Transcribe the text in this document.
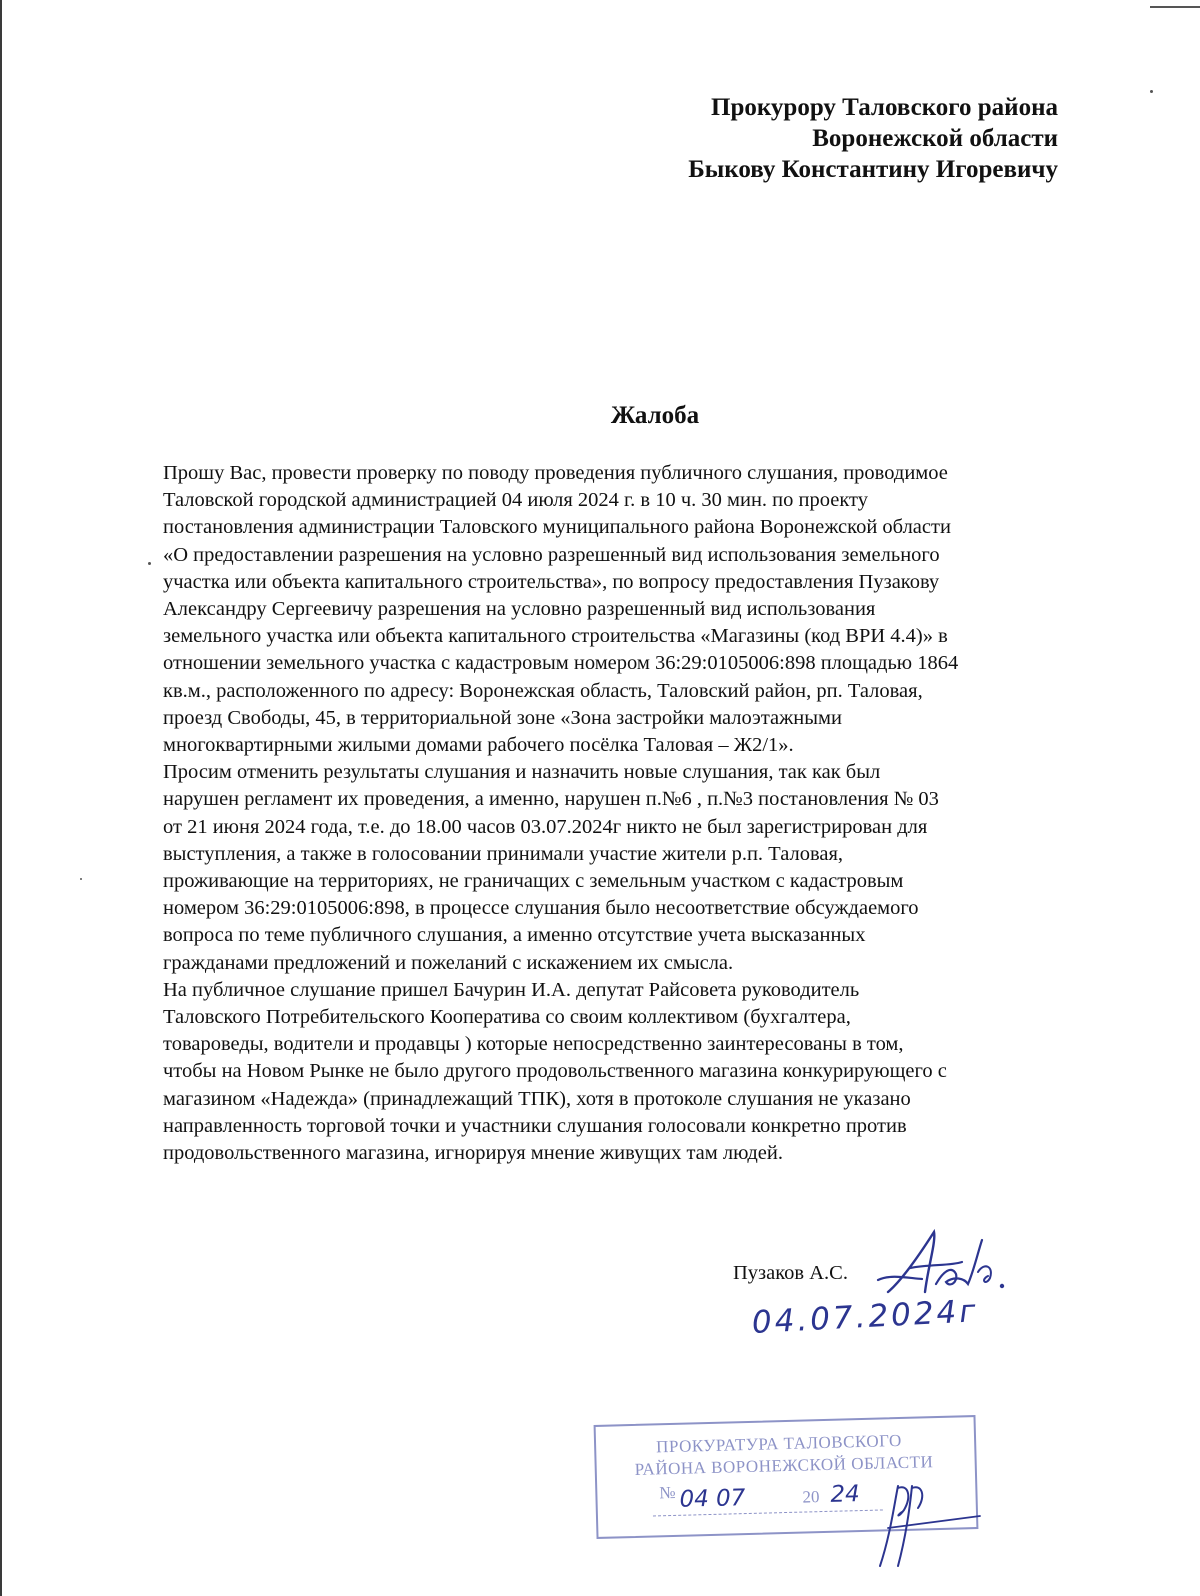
Прокурору Таловского района
Воронежской области
Быкову Константину Игоревичу
Жалоба
Прошу Вас, провести проверку по поводу проведения публичного слушания, проводимое
Таловской городской администрацией 04 июля 2024 г. в 10 ч. 30 мин. по проекту
постановления администрации Таловского муниципального района Воронежской области
«О предоставлении разрешения на условно разрешенный вид использования земельного
участка или объекта капитального строительства», по вопросу предоставления Пузакову
Александру Сергеевичу разрешения на условно разрешенный вид использования
земельного участка или объекта капитального строительства «Магазины (код ВРИ 4.4)» в
отношении земельного участка с кадастровым номером 36:29:0105006:898 площадью 1864
кв.м., расположенного по адресу: Воронежская область, Таловский район, рп. Таловая,
проезд Свободы, 45, в территориальной зоне «Зона застройки малоэтажными
многоквартирными жилыми домами рабочего посёлка Таловая – Ж2/1».
Просим отменить результаты слушания и назначить новые слушания, так как был
нарушен регламент их проведения, а именно, нарушен п.№6 , п.№3 постановления № 03
от 21 июня 2024 года, т.е. до 18.00 часов 03.07.2024г никто не был зарегистрирован для
выступления, а также в голосовании принимали участие жители р.п. Таловая,
проживающие на территориях, не граничащих с земельным участком с кадастровым
номером 36:29:0105006:898, в процессе слушания было несоответствие обсуждаемого
вопроса по теме публичного слушания, а именно отсутствие учета высказанных
гражданами предложений и пожеланий с искажением их смысла.
На публичное слушание пришел Бачурин И.А. депутат Райсовета руководитель
Таловского Потребительского Кооператива со своим коллективом (бухгалтера,
товароведы, водители и продавцы ) которые непосредственно заинтересованы в том,
чтобы на Новом Рынке не было другого продовольственного магазина конкурирующего с
магазином «Надежда» (принадлежащий ТПК), хотя в протоколе слушания не указано
направленность торговой точки и участники слушания голосовали конкретно против
продовольственного магазина, игнорируя мнение живущих там людей.
Пузаков А.С.
04.07.2024г
ПРОКУРАТУРА ТАЛОВСКОГО
РАЙОНА ВОРОНЕЖСКОЙ ОБЛАСТИ
№ 04 07	20 24
